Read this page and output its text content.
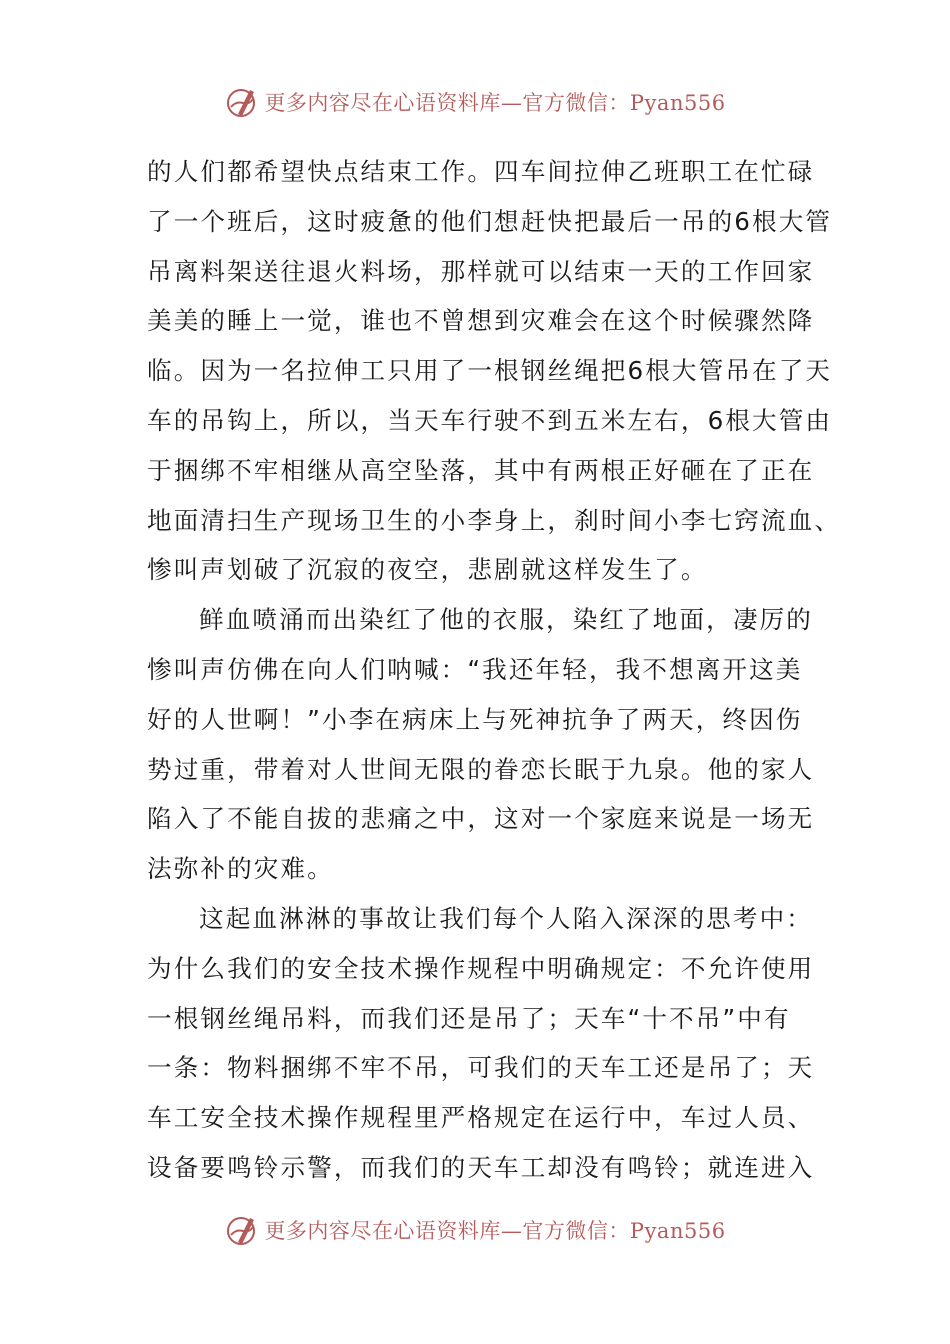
更多内容尽在心语资料库—官方微信：Pyan556
的人们都希望快点结束工作。四车间拉伸乙班职工在忙碌
了一个班后，这时疲惫的他们想赶快把最后一吊的6根大管
吊离料架送往退火料场，那样就可以结束一天的工作回家
美美的睡上一觉，谁也不曾想到灾难会在这个时候骤然降
临。因为一名拉伸工只用了一根钢丝绳把6根大管吊在了天
车的吊钩上，所以，当天车行驶不到五米左右，6根大管由
于捆绑不牢相继从高空坠落，其中有两根正好砸在了正在
地面清扫生产现场卫生的小李身上，刹时间小李七窍流血、
惨叫声划破了沉寂的夜空，悲剧就这样发生了。
鲜血喷涌而出染红了他的衣服，染红了地面，凄厉的
惨叫声仿佛在向人们呐喊：“我还年轻，我不想离开这美
好的人世啊！”小李在病床上与死神抗争了两天，终因伤
势过重，带着对人世间无限的眷恋长眠于九泉。他的家人
陷入了不能自拔的悲痛之中，这对一个家庭来说是一场无
法弥补的灾难。
这起血淋淋的事故让我们每个人陷入深深的思考中：
为什么我们的安全技术操作规程中明确规定：不允许使用
一根钢丝绳吊料，而我们还是吊了；天车“十不吊”中有
一条：物料捆绑不牢不吊，可我们的天车工还是吊了；天
车工安全技术操作规程里严格规定在运行中，车过人员、
设备要鸣铃示警，而我们的天车工却没有鸣铃；就连进入
更多内容尽在心语资料库—官方微信：Pyan556
